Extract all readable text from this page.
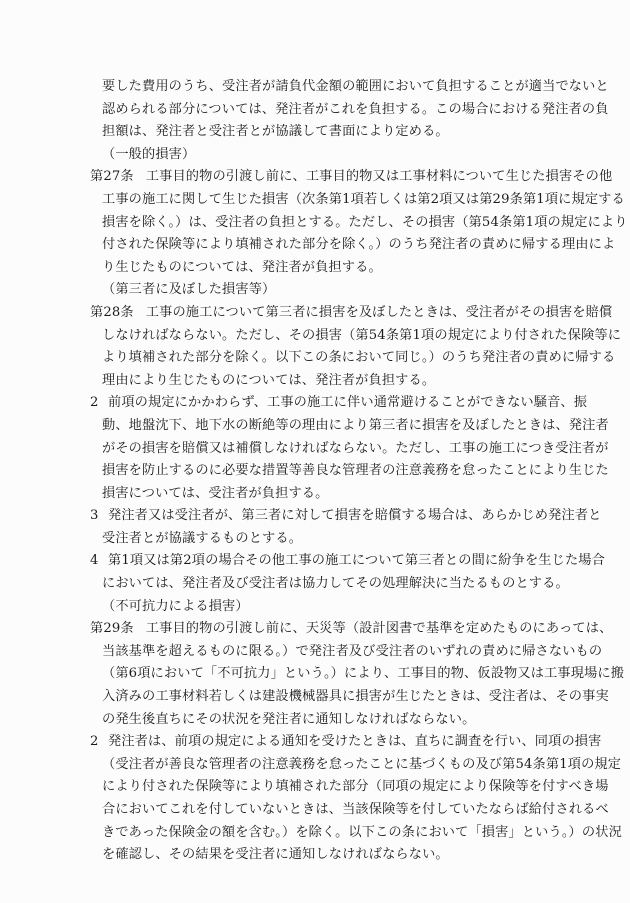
要した費用のうち、受注者が請負代金額の範囲において負担することが適当でないと
認められる部分については、発注者がこれを負担する。この場合における発注者の負
担額は、発注者と受注者とが協議して書面により定める。
（一般的損害）
第27条 工事目的物の引渡し前に、工事目的物又は工事材料について生じた損害その他
工事の施工に関して生じた損害（次条第1項若しくは第2項又は第29条第1項に規定する
損害を除く。）は、受注者の負担とする。ただし、その損害（第54条第1項の規定により
付された保険等により填補された部分を除く。）のうち発注者の責めに帰する理由によ
り生じたものについては、発注者が負担する。
（第三者に及ぼした損害等）
第28条 工事の施工について第三者に損害を及ぼしたときは、受注者がその損害を賠償
しなければならない。ただし、その損害（第54条第1項の規定により付された保険等に
より填補された部分を除く。以下この条において同じ。）のうち発注者の責めに帰する
理由により生じたものについては、発注者が負担する。
2 前項の規定にかかわらず、工事の施工に伴い通常避けることができない騒音、振
動、地盤沈下、地下水の断絶等の理由により第三者に損害を及ぼしたときは、発注者
がその損害を賠償又は補償しなければならない。ただし、工事の施工につき受注者が
損害を防止するのに必要な措置等善良な管理者の注意義務を怠ったことにより生じた
損害については、受注者が負担する。
3 発注者又は受注者が、第三者に対して損害を賠償する場合は、あらかじめ発注者と
受注者とが協議するものとする。
4 第1項又は第2項の場合その他工事の施工について第三者との間に紛争を生じた場合
においては、発注者及び受注者は協力してその処理解決に当たるものとする。
（不可抗力による損害）
第29条 工事目的物の引渡し前に、天災等（設計図書で基準を定めたものにあっては、
当該基準を超えるものに限る。）で発注者及び受注者のいずれの責めに帰さないもの
（第6項において「不可抗力」という。）により、工事目的物、仮設物又は工事現場に搬
入済みの工事材料若しくは建設機械器具に損害が生じたときは、受注者は、その事実
の発生後直ちにその状況を発注者に通知しなければならない。
2 発注者は、前項の規定による通知を受けたときは、直ちに調査を行い、同項の損害
（受注者が善良な管理者の注意義務を怠ったことに基づくもの及び第54条第1項の規定
により付された保険等により填補された部分（同項の規定により保険等を付すべき場
合においてこれを付していないときは、当該保険等を付していたならば給付されるべ
きであった保険金の額を含む。）を除く。以下この条において「損害」という。）の状況
を確認し、その結果を受注者に通知しなければならない。
